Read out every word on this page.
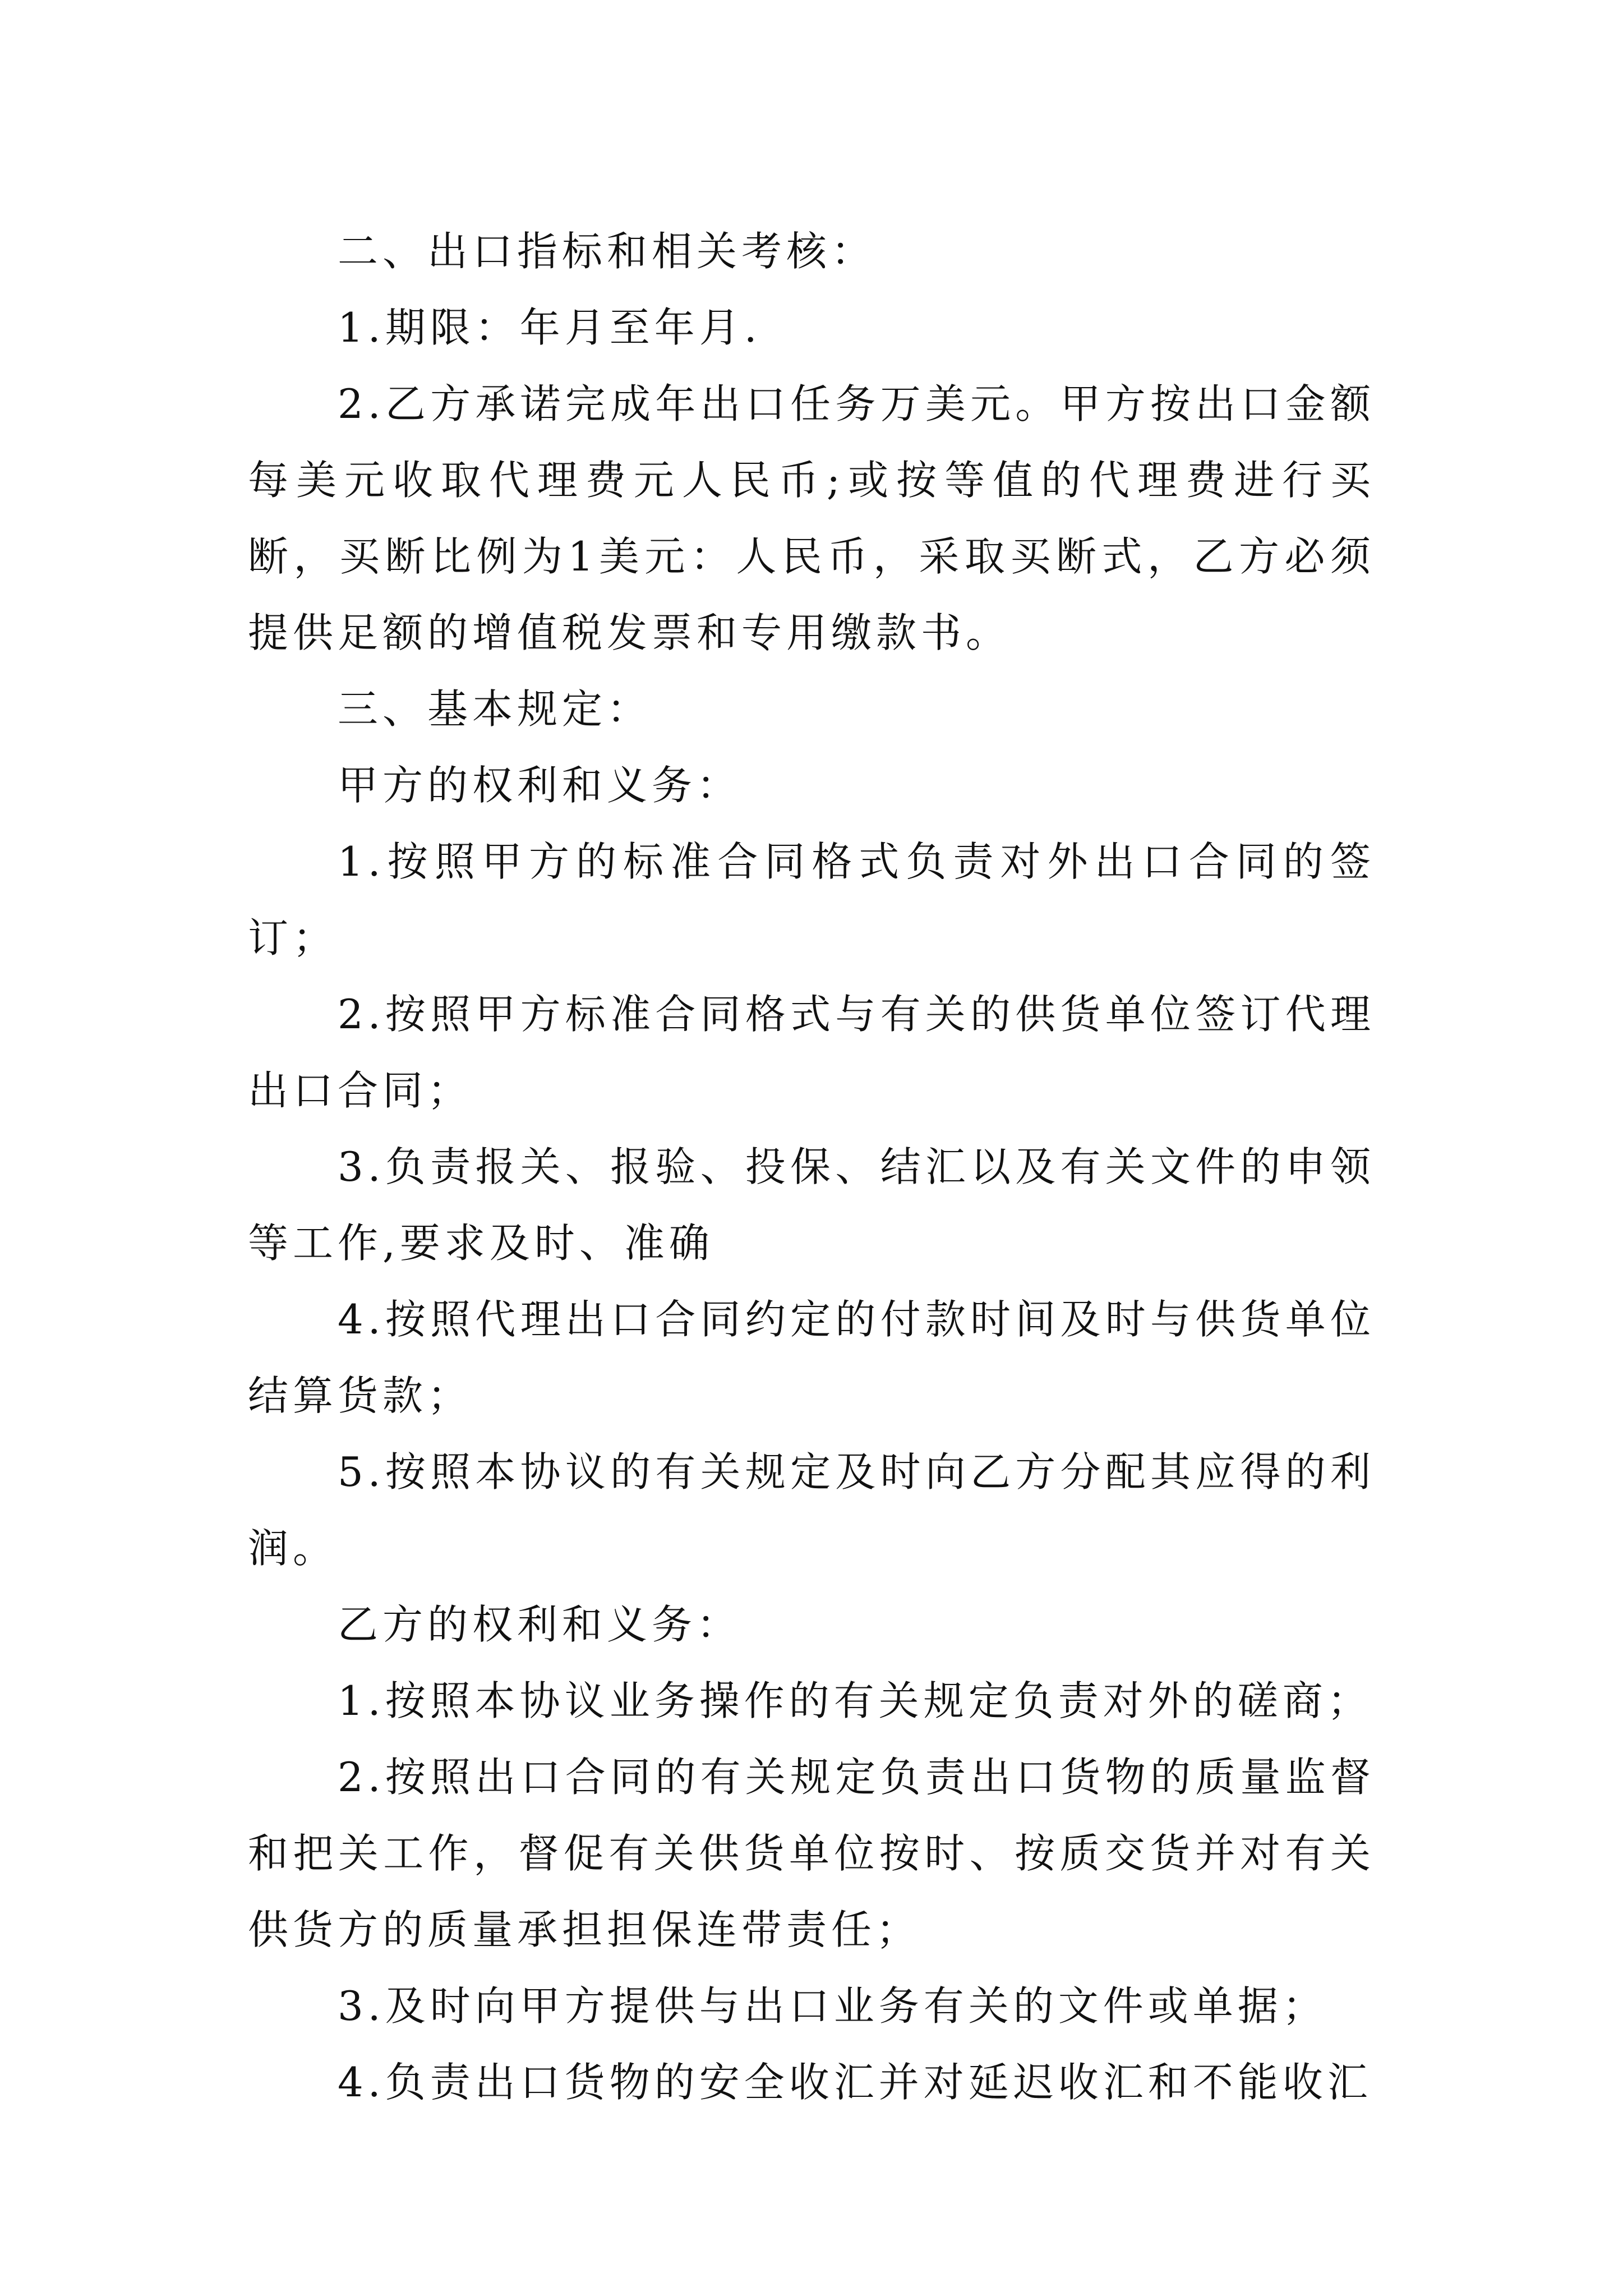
二、出口指标和相关考核：

1.期限：年月至年月.

2.乙方承诺完成年出口任务万美元。甲方按出口金额每美元收取代理费元人民币;或按等值的代理费进行买断，买断比例为1美元：人民币，采取买断式，乙方必须提供足额的增值税发票和专用缴款书。

三、基本规定：

甲方的权利和义务：

1.按照甲方的标准合同格式负责对外出口合同的签订；

2.按照甲方标准合同格式与有关的供货单位签订代理出口合同；

3.负责报关、报验、投保、结汇以及有关文件的申领等工作,要求及时、准确

4.按照代理出口合同约定的付款时间及时与供货单位结算货款；

5.按照本协议的有关规定及时向乙方分配其应得的利润。

乙方的权利和义务：

1.按照本协议业务操作的有关规定负责对外的磋商；

2.按照出口合同的有关规定负责出口货物的质量监督和把关工作，督促有关供货单位按时、按质交货并对有关供货方的质量承担担保连带责任；

3.及时向甲方提供与出口业务有关的文件或单据；

4.负责出口货物的安全收汇并对延迟收汇和不能收汇
